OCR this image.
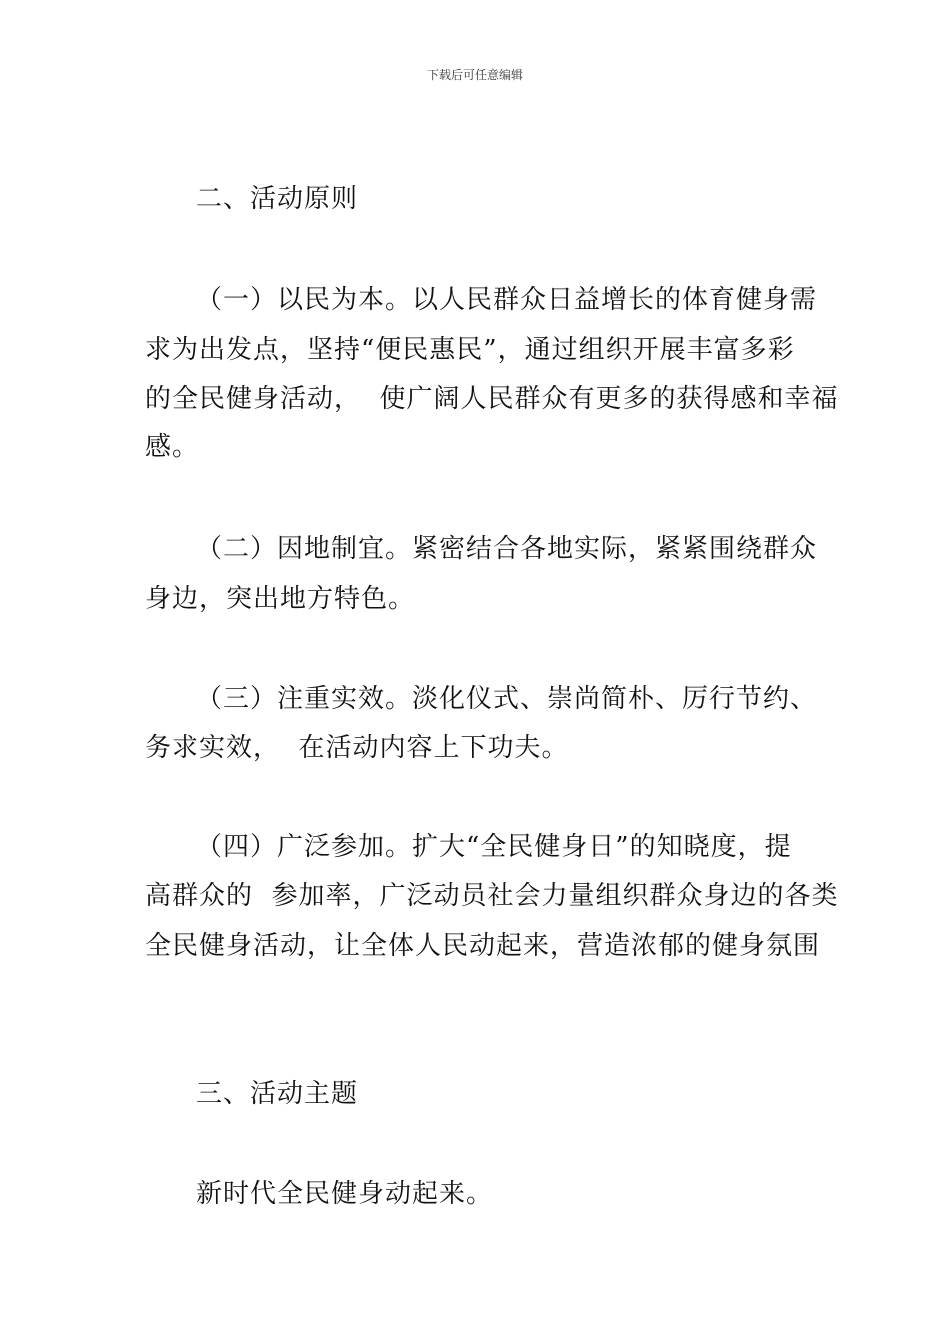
下载后可任意编辑
二、活动原则
（一）以民为本。以人民群众日益增长的体育健身需
求为出发点，坚持“便民惠民”，通过组织开展丰富多彩
的全民健身活动，  使广阔人民群众有更多的获得感和幸福
感。
（二）因地制宜。紧密结合各地实际，紧紧围绕群众
身边，突出地方特色。
（三）注重实效。淡化仪式、崇尚简朴、厉行节约、
务求实效，  在活动内容上下功夫。
（四）广泛参加。扩大“全民健身日”的知晓度，提
高群众的  参加率，广泛动员社会力量组织群众身边的各类
全民健身活动，让全体人民动起来，营造浓郁的健身氛围
三、活动主题
新时代全民健身动起来。
